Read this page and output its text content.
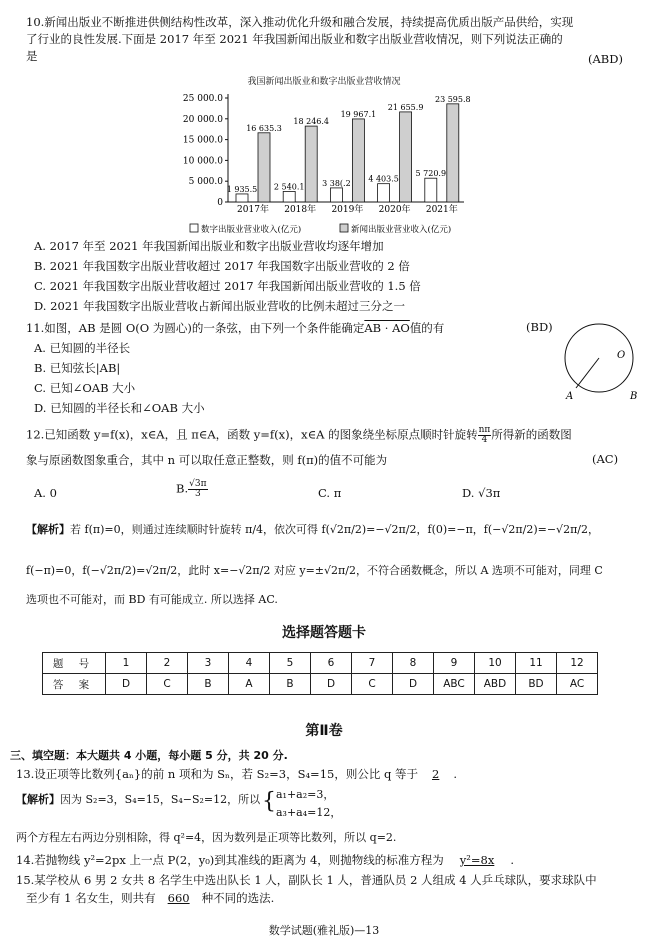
10.新闻出版业不断推进供侧结构性改革，深入推动优化升级和融合发展，持续提高优质出版产品供给，实现
了行业的良性发展.下面是 2017 年至 2021 年我国新闻出版业和数字出版业营收情况，则下列说法正确的
是	(ABD)
我国新闻出版业和数字出版业营收情况
0
5 000.0
10 000.0
15 000.0
20 000.0
25 000.0
1 935.5
16 635.3
2017年
2 540.1
18 246.4
2018年
3 38(.2
19 967.1
2019年
4 403.5
21 655.9
2020年
5 720.9
23 595.8
2021年
数字出版业营业收入(亿元)	新闻出版业营业收入(亿元)
A. 2017 年至 2021 年我国新闻出版业和数字出版业营收均逐年增加
B. 2021 年我国数字出版业营收超过 2017 年我国数字出版业营收的 2 倍
C. 2021 年我国数字出版业营收超过 2017 年我国新闻出版业营收的 1.5 倍
D. 2021 年我国数字出版业营收占新闻出版业营收的比例未超过三分之一
11.如图，AB 是圆 O(O 为圆心)的一条弦，由下列一个条件能确定AB · AO值的有	(BD)
A. 已知圆的半径长
B. 已知弦长|AB|
C. 已知∠OAB 大小
D. 已知圆的半径长和∠OAB 大小
O
A	B
12.已知函数 y=f(x)，x∈A，且 π∈A，函数 y=f(x)，x∈A 的图象绕坐标原点顺时针旋转 $\frac{n\pi}{4}$ 所得新的函数图
象与原函数图象重合，其中 n 可以取任意正整数，则 f(π)的值不可能为	(AC)
A. 0	B. $\frac{√3\pi}{3}$	C. π	D. √3π
【解析】若 f(π)=0，则通过连续顺时针旋转 π/4，依次可得 f(√2π/2)=−√2π/2，f(0)=−π，f(−√2π/2)=−√2π/2，
f(−π)=0，f(−√2π/2)=√2π/2，此时 x=−√2π/2 对应 y=±√2π/2，不符合函数概念，所以 A 选项不可能对，同理 C
选项也不可能对，而 BD 有可能成立. 所以选择 AC.
选择题答题卡
题 号	1	2	3	4	5	6	7	8	9	10	11	12
答 案	D	C	B	A	B	D	C	D	ABC	ABD	BD	AC
第Ⅱ卷
三、填空题：本大题共 4 小题，每小题 5 分，共 20 分.
13.设正项等比数列{aₙ}的前 n 项和为 Sₙ，若 S₂=3，S₄=15，则公比 q 等于 2 .
【解析】因为 S₂=3，S₄=15，S₄−S₂=12，所以 { a₁+a₂=3，
a₃+a₄=12，
两个方程左右两边分别相除，得 q²=4，因为数列是正项等比数列，所以 q=2.
14.若抛物线 y²=2px 上一点 P(2，y₀)到其准线的距离为 4，则抛物线的标准方程为 y²=8x .
15.某学校从 6 男 2 女共 8 名学生中选出队长 1 人，副队长 1 人，普通队员 2 人组成 4 人乒乓球队，要求球队中
至少有 1 名女生，则共有 660 种不同的选法.
数学试题(雅礼版)—13
